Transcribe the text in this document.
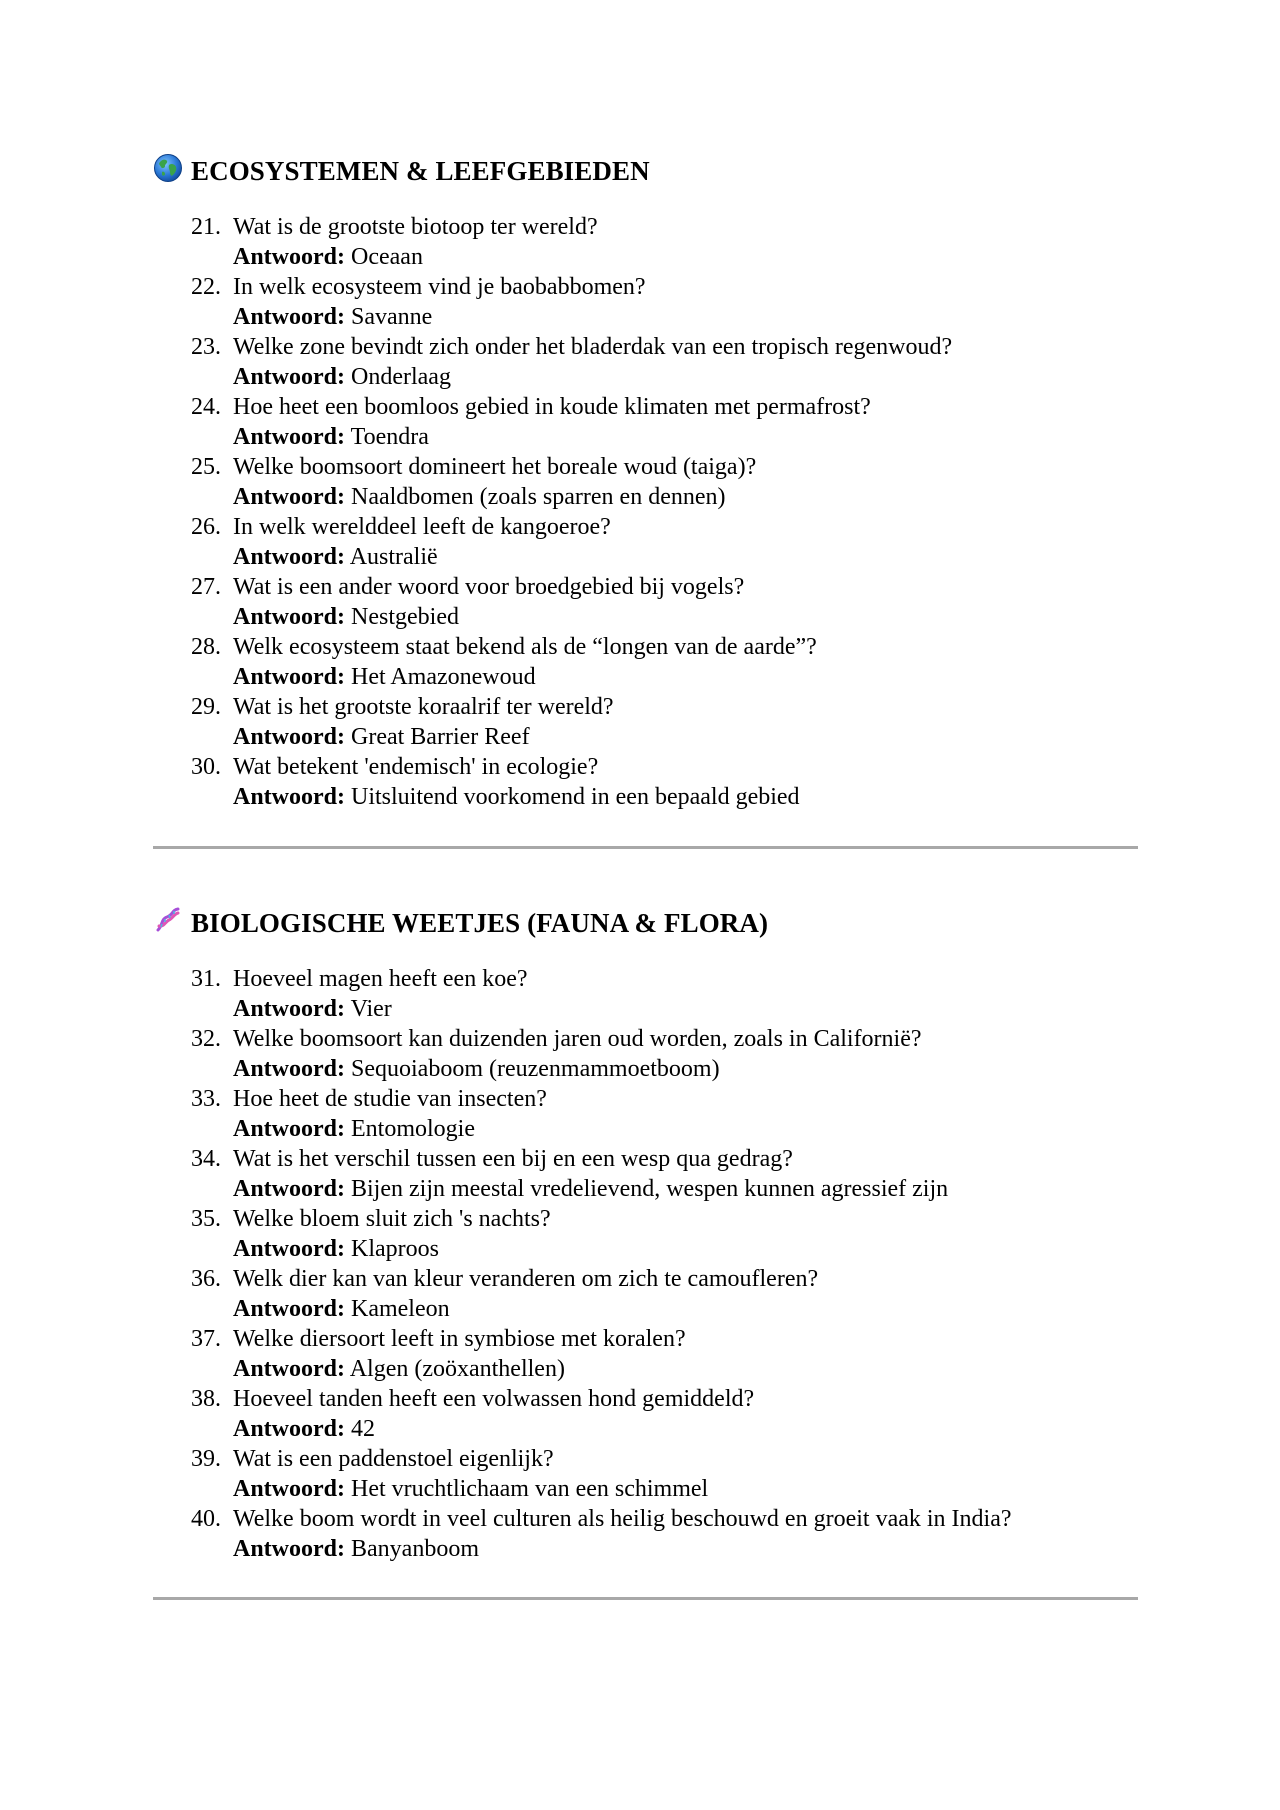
ECOSYSTEMEN & LEEFGEBIEDEN
21. Wat is de grootste biotoop ter wereld?
Antwoord: Oceaan
22. In welk ecosysteem vind je baobabbomen?
Antwoord: Savanne
23. Welke zone bevindt zich onder het bladerdak van een tropisch regenwoud?
Antwoord: Onderlaag
24. Hoe heet een boomloos gebied in koude klimaten met permafrost?
Antwoord: Toendra
25. Welke boomsoort domineert het boreale woud (taiga)?
Antwoord: Naaldbomen (zoals sparren en dennen)
26. In welk werelddeel leeft de kangoeroe?
Antwoord: Australië
27. Wat is een ander woord voor broedgebied bij vogels?
Antwoord: Nestgebied
28. Welk ecosysteem staat bekend als de “longen van de aarde”?
Antwoord: Het Amazonewoud
29. Wat is het grootste koraalrif ter wereld?
Antwoord: Great Barrier Reef
30. Wat betekent 'endemisch' in ecologie?
Antwoord: Uitsluitend voorkomend in een bepaald gebied
BIOLOGISCHE WEETJES (FAUNA & FLORA)
31. Hoeveel magen heeft een koe?
Antwoord: Vier
32. Welke boomsoort kan duizenden jaren oud worden, zoals in Californië?
Antwoord: Sequoiaboom (reuzenmammoetboom)
33. Hoe heet de studie van insecten?
Antwoord: Entomologie
34. Wat is het verschil tussen een bij en een wesp qua gedrag?
Antwoord: Bijen zijn meestal vredelievend, wespen kunnen agressief zijn
35. Welke bloem sluit zich 's nachts?
Antwoord: Klaproos
36. Welk dier kan van kleur veranderen om zich te camoufleren?
Antwoord: Kameleon
37. Welke diersoort leeft in symbiose met koralen?
Antwoord: Algen (zoöxanthellen)
38. Hoeveel tanden heeft een volwassen hond gemiddeld?
Antwoord: 42
39. Wat is een paddenstoel eigenlijk?
Antwoord: Het vruchtlichaam van een schimmel
40. Welke boom wordt in veel culturen als heilig beschouwd en groeit vaak in India?
Antwoord: Banyanboom
